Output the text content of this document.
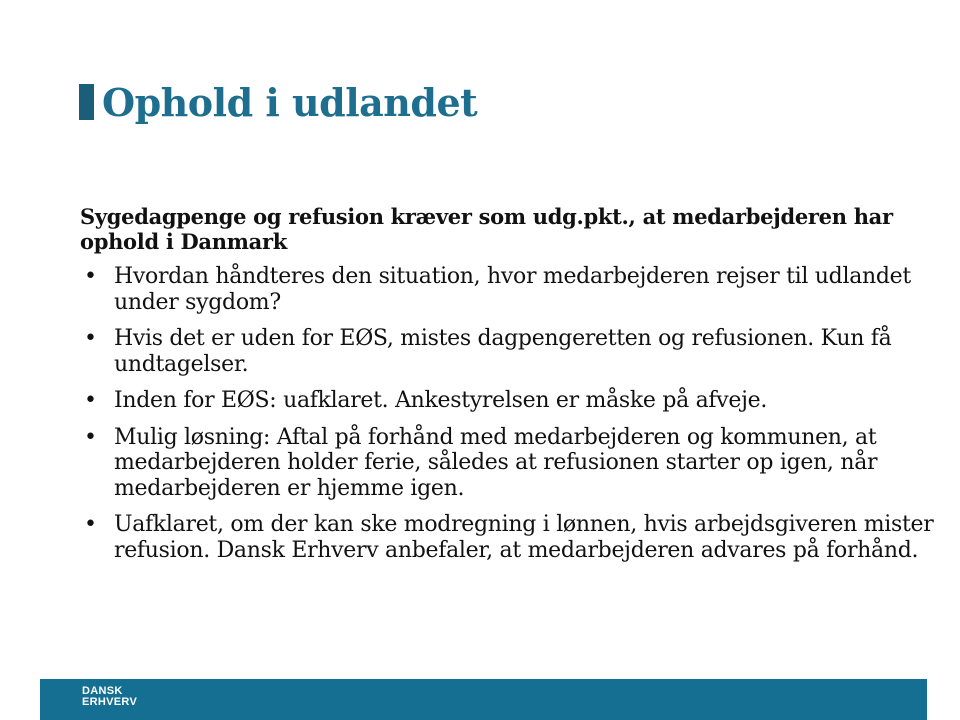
Ophold i udlandet

Sygedagpenge og refusion kræver som udg.pkt., at medarbejderen har ophold i Danmark

• Hvordan håndteres den situation, hvor medarbejderen rejser til udlandet under sygdom?
• Hvis det er uden for EØS, mistes dagpengeretten og refusionen. Kun få undtagelser.
• Inden for EØS: uafklaret. Ankestyrelsen er måske på afveje.
• Mulig løsning: Aftal på forhånd med medarbejderen og kommunen, at medarbejderen holder ferie, således at refusionen starter op igen, når medarbejderen er hjemme igen.
• Uafklaret, om der kan ske modregning i lønnen, hvis arbejdsgiveren mister refusion. Dansk Erhverv anbefaler, at medarbejderen advares på forhånd.
DANSK
ERHVERV
